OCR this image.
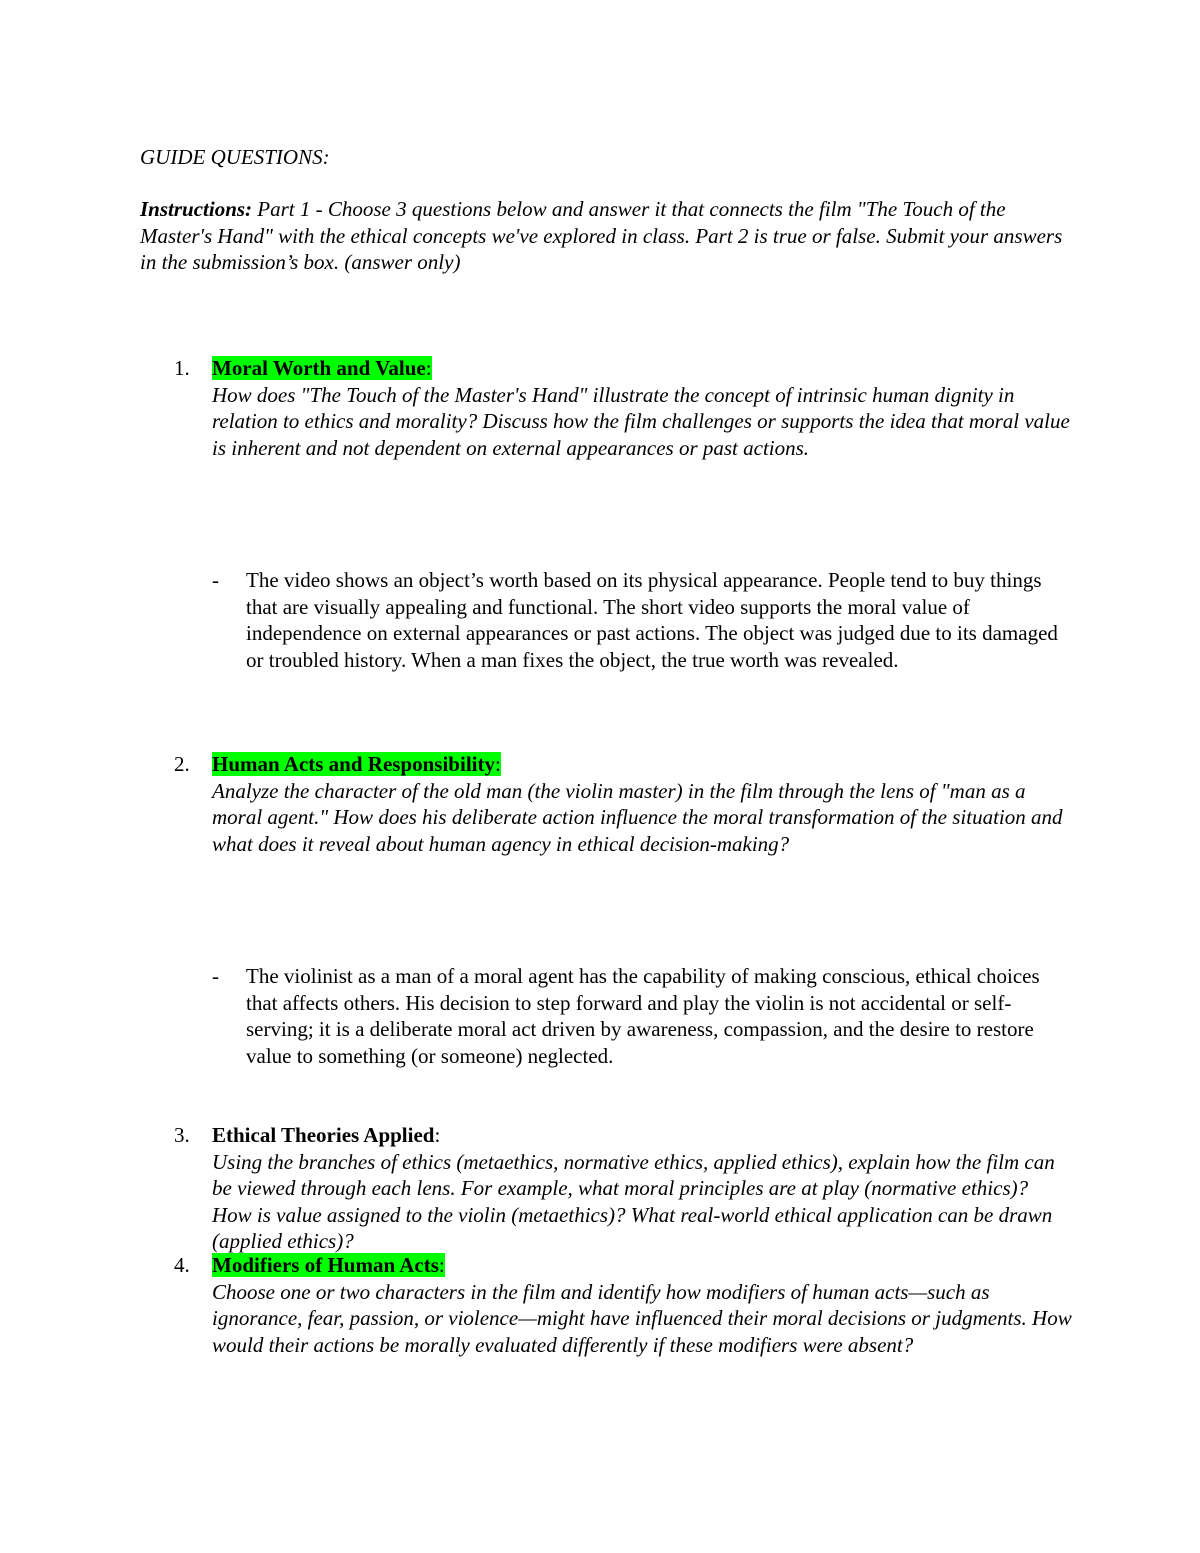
GUIDE QUESTIONS:
Instructions: Part 1 - Choose 3 questions below and answer it that connects the film "The Touch of the Master's Hand" with the ethical concepts we've explored in class. Part 2 is true or false. Submit your answers in the submission’s box. (answer only)
1. Moral Worth and Value:
How does "The Touch of the Master's Hand" illustrate the concept of intrinsic human dignity in relation to ethics and morality? Discuss how the film challenges or supports the idea that moral value is inherent and not dependent on external appearances or past actions.
- The video shows an object’s worth based on its physical appearance. People tend to buy things that are visually appealing and functional. The short video supports the moral value of independence on external appearances or past actions. The object was judged due to its damaged or troubled history. When a man fixes the object, the true worth was revealed.
2. Human Acts and Responsibility:
Analyze the character of the old man (the violin master) in the film through the lens of "man as a moral agent." How does his deliberate action influence the moral transformation of the situation and what does it reveal about human agency in ethical decision-making?
- The violinist as a man of a moral agent has the capability of making conscious, ethical choices that affects others. His decision to step forward and play the violin is not accidental or self-serving; it is a deliberate moral act driven by awareness, compassion, and the desire to restore value to something (or someone) neglected.
3. Ethical Theories Applied:
Using the branches of ethics (metaethics, normative ethics, applied ethics), explain how the film can be viewed through each lens. For example, what moral principles are at play (normative ethics)? How is value assigned to the violin (metaethics)? What real-world ethical application can be drawn (applied ethics)?
4. Modifiers of Human Acts:
Choose one or two characters in the film and identify how modifiers of human acts—such as ignorance, fear, passion, or violence—might have influenced their moral decisions or judgments. How would their actions be morally evaluated differently if these modifiers were absent?
